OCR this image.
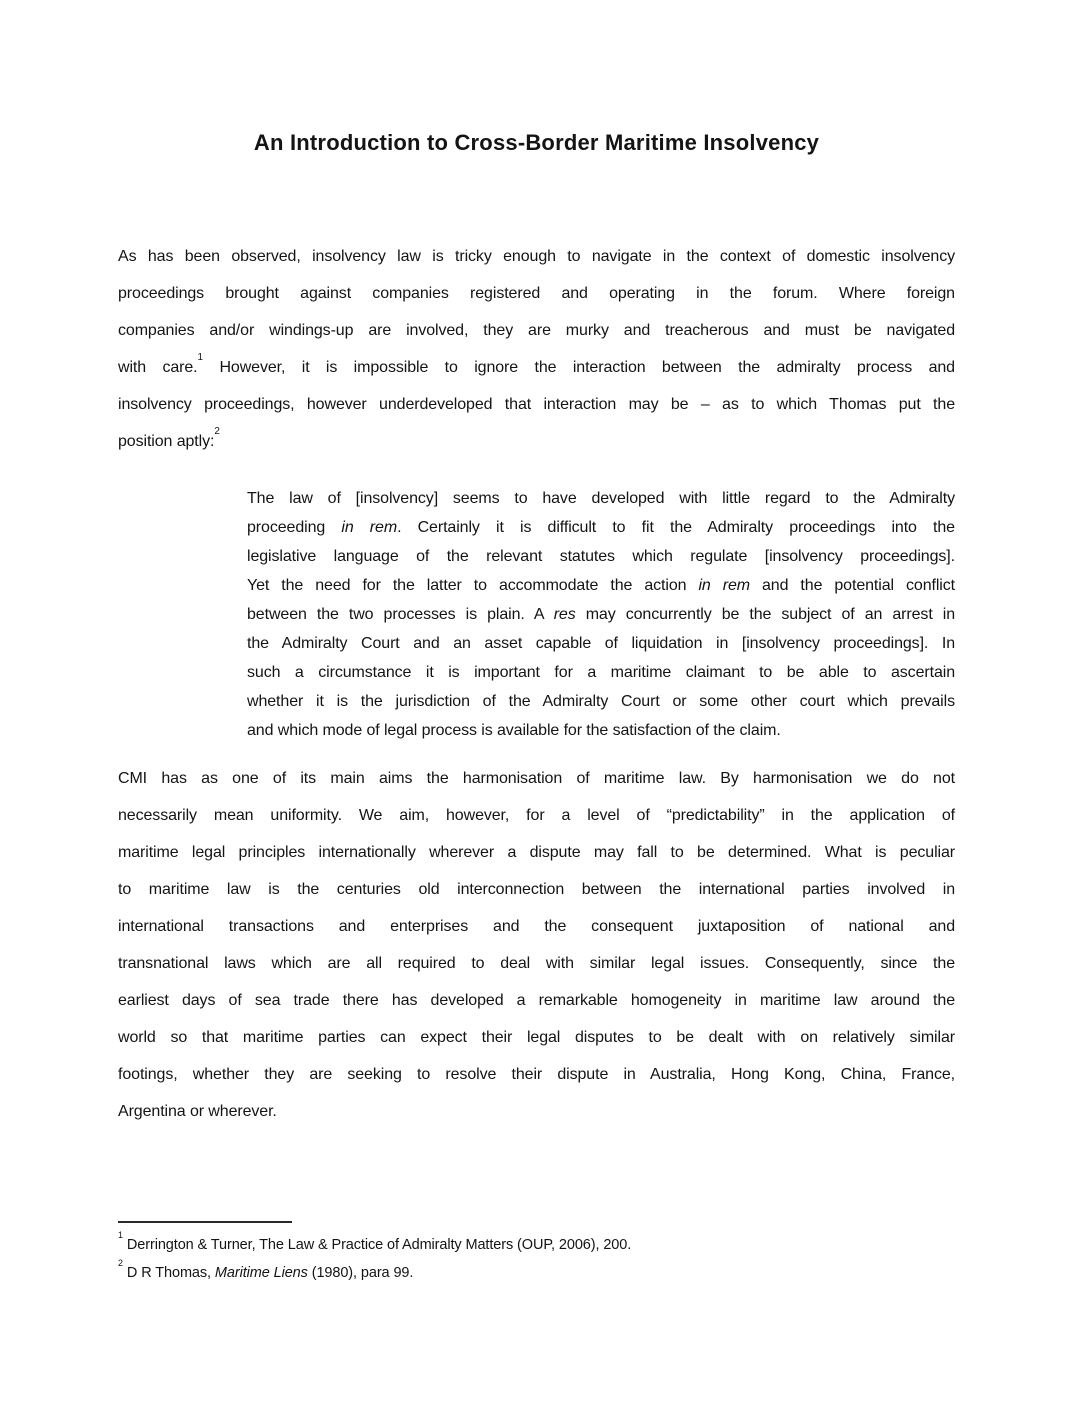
An Introduction to Cross-Border Maritime Insolvency
As has been observed, insolvency law is tricky enough to navigate in the context of domestic insolvency
proceedings brought against companies registered and operating in the forum. Where foreign
companies and/or windings-up are involved, they are murky and treacherous and must be navigated
with care.$^1$ However, it is impossible to ignore the interaction between the admiralty process and
insolvency proceedings, however underdeveloped that interaction may be – as to which Thomas put the
position aptly:$^2$
The law of [insolvency] seems to have developed with little regard to the Admiralty
proceeding in rem. Certainly it is difficult to fit the Admiralty proceedings into the
legislative language of the relevant statutes which regulate [insolvency proceedings].
Yet the need for the latter to accommodate the action in rem and the potential conflict
between the two processes is plain. A res may concurrently be the subject of an arrest in
the Admiralty Court and an asset capable of liquidation in [insolvency proceedings]. In
such a circumstance it is important for a maritime claimant to be able to ascertain
whether it is the jurisdiction of the Admiralty Court or some other court which prevails
and which mode of legal process is available for the satisfaction of the claim.
CMI has as one of its main aims the harmonisation of maritime law. By harmonisation we do not
necessarily mean uniformity. We aim, however, for a level of “predictability” in the application of
maritime legal principles internationally wherever a dispute may fall to be determined. What is peculiar
to maritime law is the centuries old interconnection between the international parties involved in
international transactions and enterprises and the consequent juxtaposition of national and
transnational laws which are all required to deal with similar legal issues. Consequently, since the
earliest days of sea trade there has developed a remarkable homogeneity in maritime law around the
world so that maritime parties can expect their legal disputes to be dealt with on relatively similar
footings, whether they are seeking to resolve their dispute in Australia, Hong Kong, China, France,
Argentina or wherever.
$^1$ Derrington & Turner, The Law & Practice of Admiralty Matters (OUP, 2006), 200.
$^2$ D R Thomas, Maritime Liens (1980), para 99.
